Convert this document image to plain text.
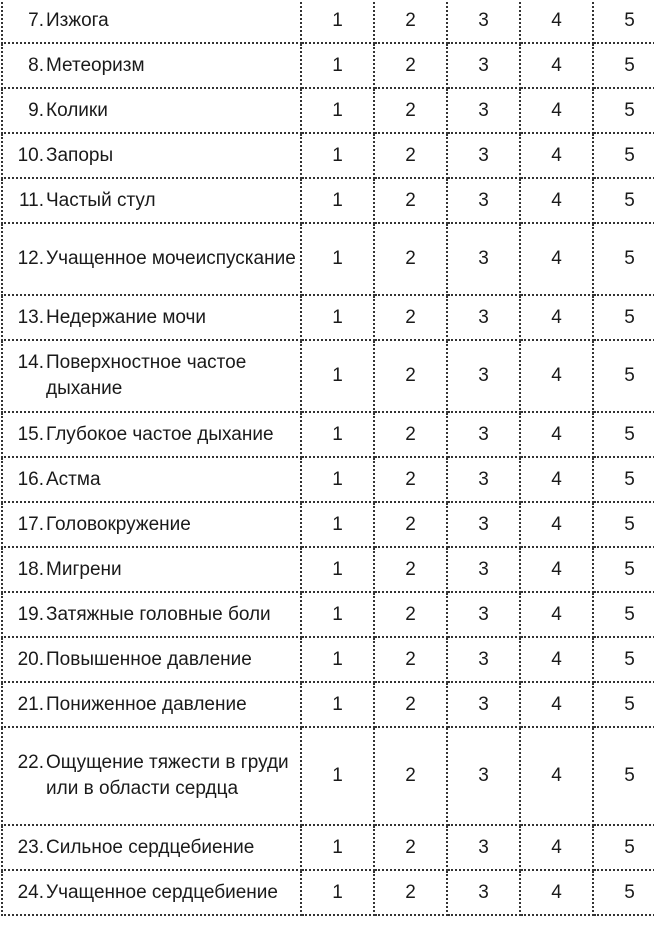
7. Изжога	1	2	3	4	5

8. Метеоризм	1	2	3	4	5

9. Колики	1	2	3	4	5

10. Запоры	1	2	3	4	5

11. Частый стул	1	2	3	4	5

12. Учащенное мочеиспускание	1	2	3	4	5

13. Недержание мочи	1	2	3	4	5

14. Поверхностное частое дыхание	1	2	3	4	5

15. Глубокое частое дыхание	1	2	3	4	5

16. Астма	1	2	3	4	5

17. Головокружение	1	2	3	4	5

18. Мигрени	1	2	3	4	5

19. Затяжные головные боли	1	2	3	4	5

20. Повышенное давление	1	2	3	4	5

21. Пониженное давление	1	2	3	4	5

22. Ощущение тяжести в груди или в области сердца	1	2	3	4	5

23. Сильное сердцебиение	1	2	3	4	5

24. Учащенное сердцебиение	1	2	3	4	5
